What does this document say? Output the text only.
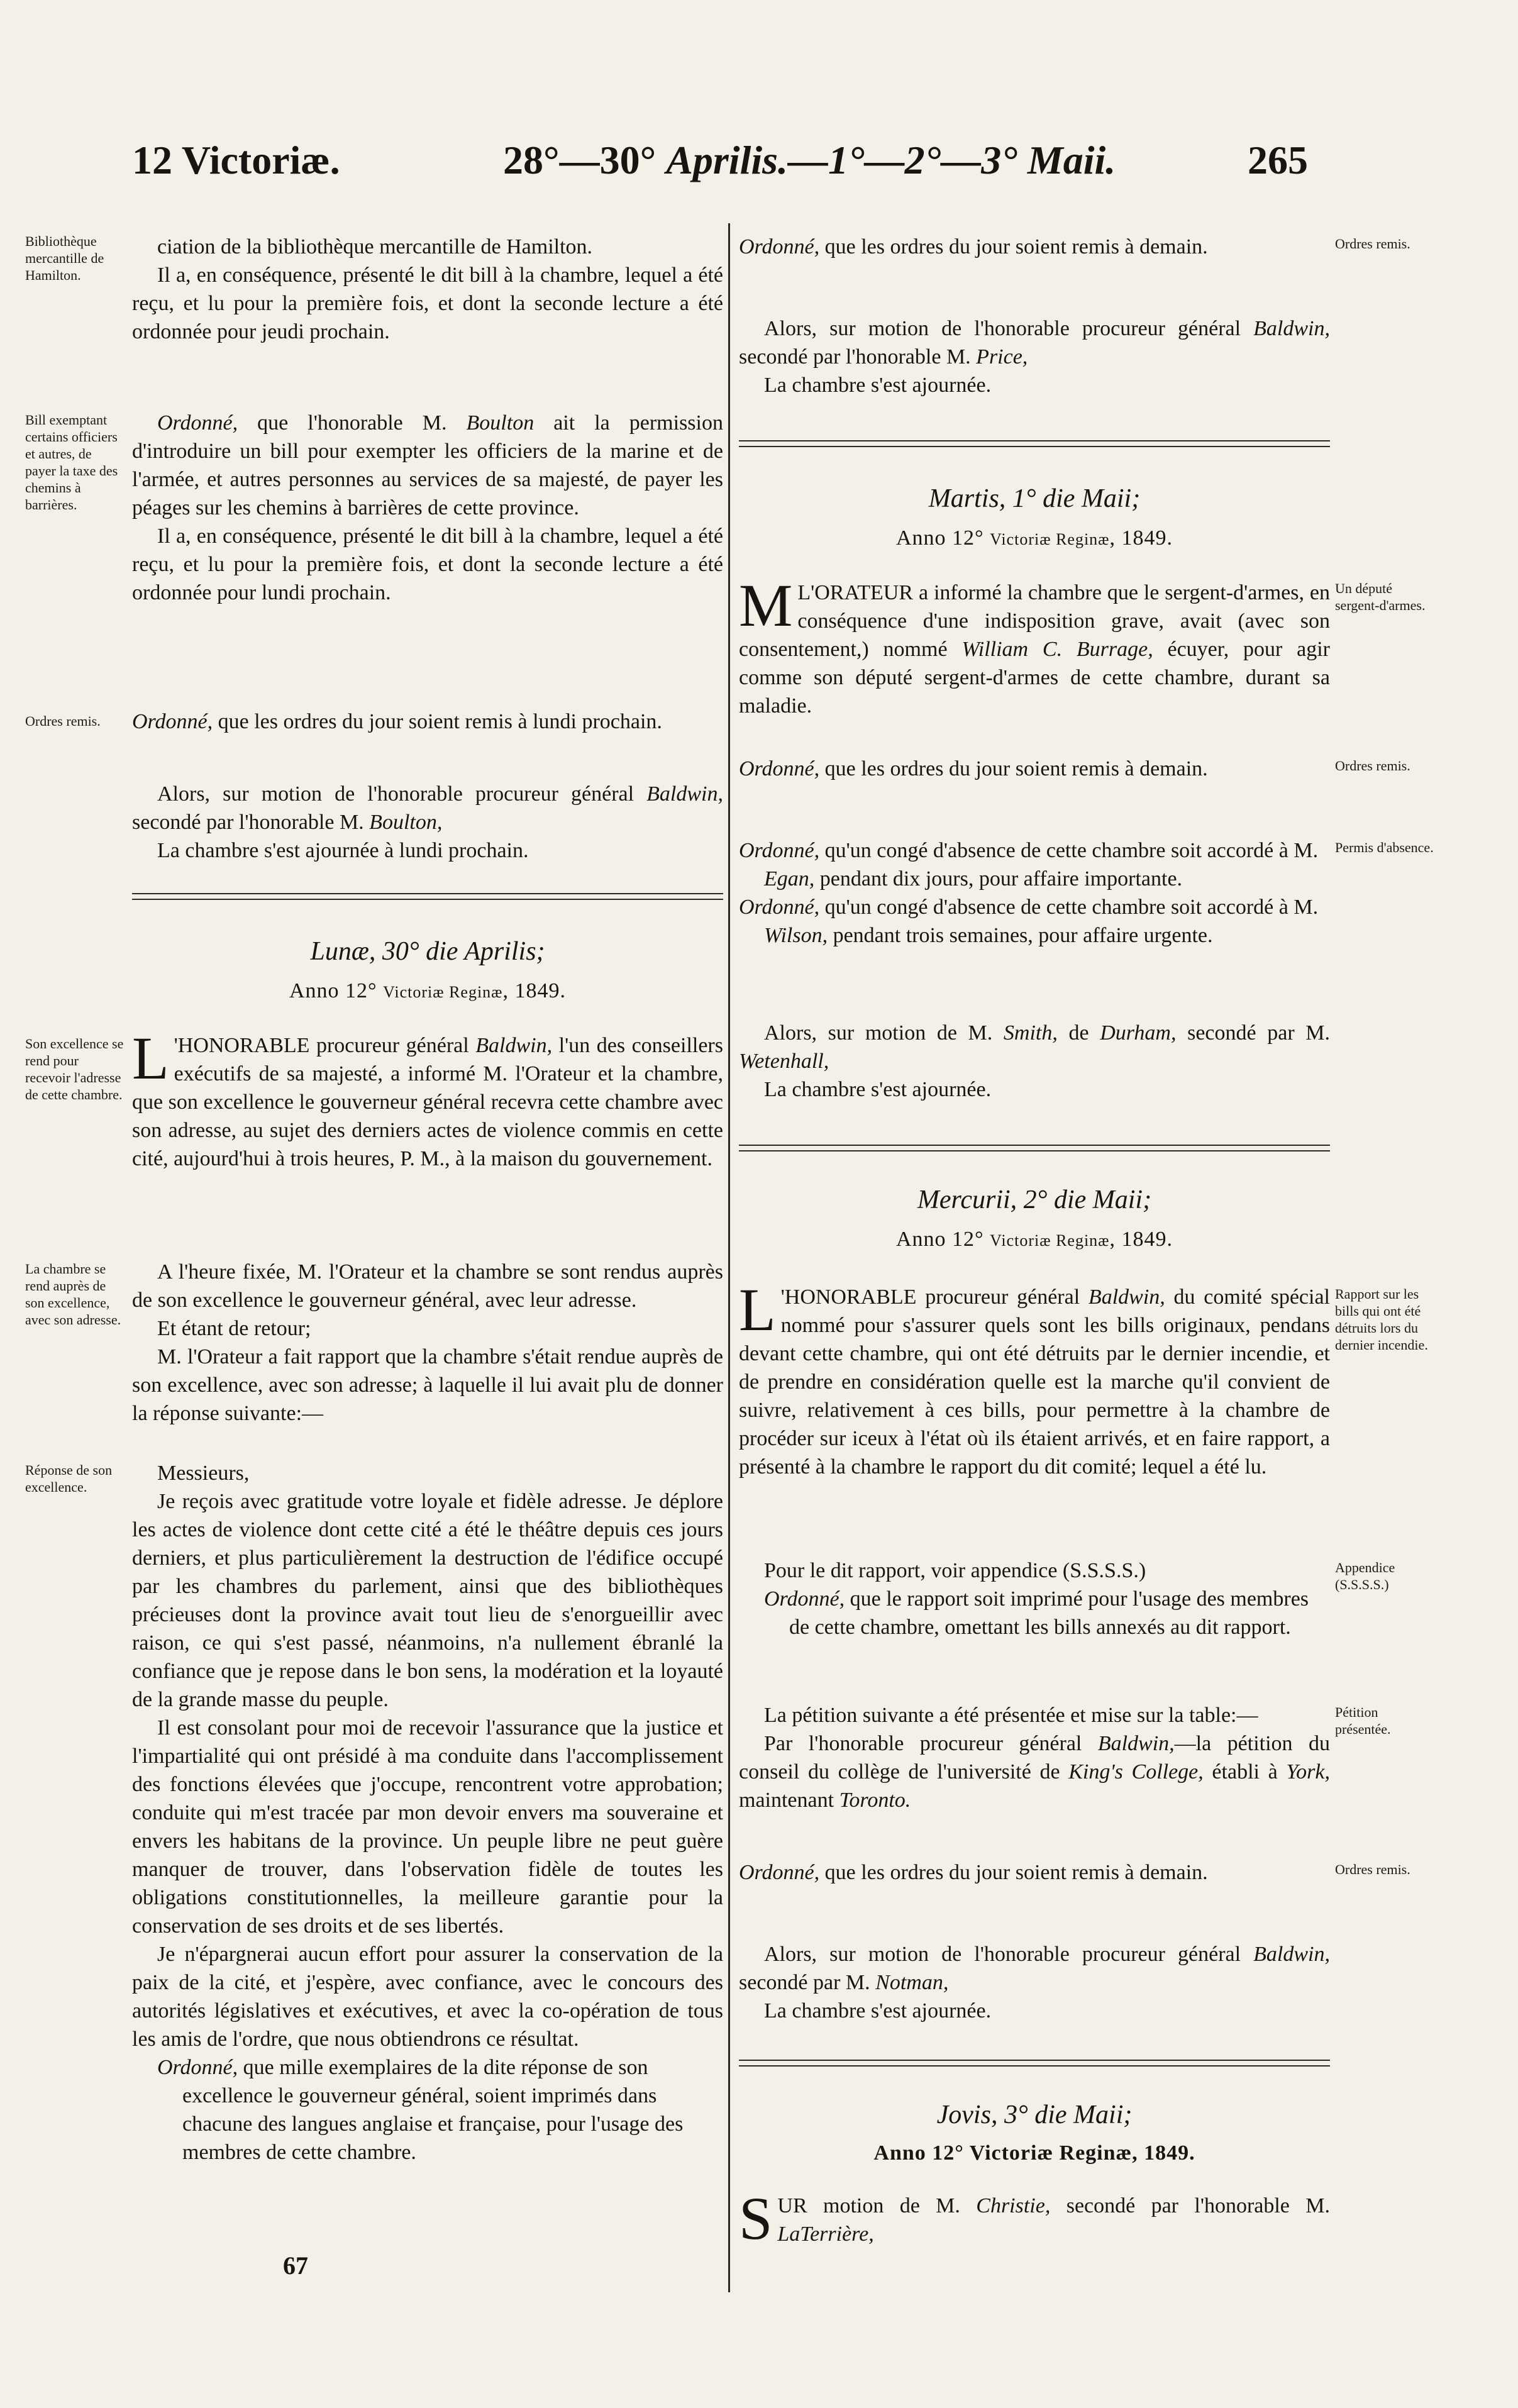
12 Victoriæ.	28°—30° Aprilis.—1°—2°—3° Maii.	265
Bibliothèque mercantille de Hamilton.

ciation de la bibliothèque mercantille de Hamilton.

Il a, en conséquence, présenté le dit bill à la chambre, lequel a été reçu, et lu pour la première fois, et dont la seconde lecture a été ordonnée pour jeudi prochain.

Bill exemptant certains officiers et autres, de payer la taxe des chemins à barrières.

Ordonné, que l'honorable M. Boulton ait la permission d'introduire un bill pour exempter les officiers de la marine et de l'armée, et autres personnes au services de sa majesté, de payer les péages sur les chemins à barrières de cette province.

Il a, en conséquence, présenté le dit bill à la chambre, lequel a été reçu, et lu pour la première fois, et dont la seconde lecture a été ordonnée pour lundi prochain.

Ordres remis.	Ordonné, que les ordres du jour soient remis à lundi prochain.

Alors, sur motion de l'honorable procureur général Baldwin, secondé par l'honorable M. Boulton,

La chambre s'est ajournée à lundi prochain.

Lunæ, 30° die Aprilis;
Anno 12° Victoriæ Reginæ, 1849.
Son excellence se rend pour recevoir l'adresse de cette chambre.

L 'HONORABLE procureur général Baldwin, l'un des conseillers exécutifs de sa majesté, a informé M. l'Orateur et la chambre, que son excellence le gouverneur général recevra cette chambre avec son adresse, au sujet des derniers actes de violence commis en cette cité, aujourd'hui à trois heures, P. M., à la maison du gouvernement.

La chambre se rend auprès de son excellence, avec son adresse.

A l'heure fixée, M. l'Orateur et la chambre se sont rendus auprès de son excellence le gouverneur général, avec leur adresse.

Et étant de retour;

M. l'Orateur a fait rapport que la chambre s'était rendue auprès de son excellence, avec son adresse; à laquelle il lui avait plu de donner la réponse suivante:—

Réponse de son excellence.

Messieurs,

Je reçois avec gratitude votre loyale et fidèle adresse. Je déplore les actes de violence dont cette cité a été le théâtre depuis ces jours derniers, et plus particulièrement la destruction de l'édifice occupé par les chambres du parlement, ainsi que des bibliothèques précieuses dont la province avait tout lieu de s'enorgueillir avec raison, ce qui s'est passé, néanmoins, n'a nullement ébranlé la confiance que je repose dans le bon sens, la modération et la loyauté de la grande masse du peuple.

Il est consolant pour moi de recevoir l'assurance que la justice et l'impartialité qui ont présidé à ma conduite dans l'accomplissement des fonctions élevées que j'occupe, rencontrent votre approbation; conduite qui m'est tracée par mon devoir envers ma souveraine et envers les habitans de la province. Un peuple libre ne peut guère manquer de trouver, dans l'observation fidèle de toutes les obligations constitutionnelles, la meilleure garantie pour la conservation de ses droits et de ses libertés.

Je n'épargnerai aucun effort pour assurer la conservation de la paix de la cité, et j'espère, avec confiance, avec le concours des autorités législatives et exécutives, et avec la co-opération de tous les amis de l'ordre, que nous obtiendrons ce résultat.

Ordonné, que mille exemplaires de la dite réponse de son excellence le gouverneur général, soient imprimés dans chacune des langues anglaise et française, pour l'usage des membres de cette chambre.

67
Ordres remis.

Ordonné, que les ordres du jour soient remis à demain.

Alors, sur motion de l'honorable procureur général Baldwin, secondé par l'honorable M. Price,

La chambre s'est ajournée.

Martis, 1° die Maii;
Anno 12° Victoriæ Reginæ, 1849.
Un député sergent-d'armes.

M L'ORATEUR a informé la chambre que le sergent-d'armes, en conséquence d'une indisposition grave, avait (avec son consentement,) nommé William C. Burrage, écuyer, pour agir comme son député sergent-d'armes de cette chambre, durant sa maladie.

Ordres remis.

Ordonné, que les ordres du jour soient remis à demain.

Permis d'absence.

Ordonné, qu'un congé d'absence de cette chambre soit accordé à M. Egan, pendant dix jours, pour affaire importante.

Ordonné, qu'un congé d'absence de cette chambre soit accordé à M. Wilson, pendant trois semaines, pour affaire urgente.

Alors, sur motion de M. Smith, de Durham, secondé par M. Wetenhall,

La chambre s'est ajournée.

Mercurii, 2° die Maii;
Anno 12° Victoriæ Reginæ, 1849.
Rapport sur les bills qui ont été détruits lors du dernier incendie.

L 'HONORABLE procureur général Baldwin, du comité spécial nommé pour s'assurer quels sont les bills originaux, pendans devant cette chambre, qui ont été détruits par le dernier incendie, et de prendre en considération quelle est la marche qu'il convient de suivre, relativement à ces bills, pour permettre à la chambre de procéder sur iceux à l'état où ils étaient arrivés, et en faire rapport, a présenté à la chambre le rapport du dit comité; lequel a été lu.

Appendice (S.S.S.S.)

Pour le dit rapport, voir appendice (S.S.S.S.)

Ordonné, que le rapport soit imprimé pour l'usage des membres de cette chambre, omettant les bills annexés au dit rapport.

Pétition présentée.

La pétition suivante a été présentée et mise sur la table:—

Par l'honorable procureur général Baldwin,—la pétition du conseil du collège de l'université de King's College, établi à York, maintenant Toronto.

Ordres remis.

Ordonné, que les ordres du jour soient remis à demain.

Alors, sur motion de l'honorable procureur général Baldwin, secondé par M. Notman,

La chambre s'est ajournée.

Jovis, 3° die Maii;
Anno 12° Victoriæ Reginæ, 1849.

SUR motion de M. Christie, secondé par l'honorable M. LaTerrière,
